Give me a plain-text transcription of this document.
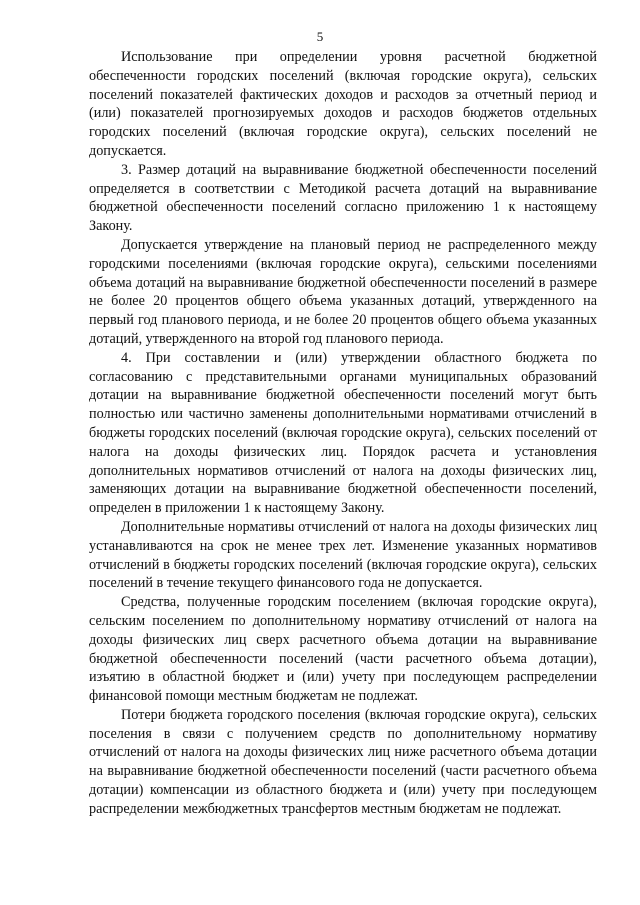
5

Использование при определении уровня расчетной бюджетной обеспеченности городских поселений (включая городские округа), сельских поселений показателей фактических доходов и расходов за отчетный период и (или) показателей прогнозируемых доходов и расходов бюджетов отдельных городских поселений (включая городские округа), сельских поселений не допускается.

3. Размер дотаций на выравнивание бюджетной обеспеченности поселений определяется в соответствии с Методикой расчета дотаций на выравнивание бюджетной обеспеченности поселений согласно приложению 1 к настоящему Закону.

Допускается утверждение на плановый период не распределенного между городскими поселениями (включая городские округа), сельскими поселениями объема дотаций на выравнивание бюджетной обеспеченности поселений в размере не более 20 процентов общего объема указанных дотаций, утвержденного на первый год планового периода, и не более 20 процентов общего объема указанных дотаций, утвержденного на второй год планового периода.

4. При составлении и (или) утверждении областного бюджета по согласованию с представительными органами муниципальных образований дотации на выравнивание бюджетной обеспеченности поселений могут быть полностью или частично заменены дополнительными нормативами отчислений в бюджеты городских поселений (включая городские округа), сельских поселений от налога на доходы физических лиц. Порядок расчета и установления дополнительных нормативов отчислений от налога на доходы физических лиц, заменяющих дотации на выравнивание бюджетной обеспеченности поселений, определен в приложении 1 к настоящему Закону.

Дополнительные нормативы отчислений от налога на доходы физических лиц устанавливаются на срок не менее трех лет. Изменение указанных нормативов отчислений в бюджеты городских поселений (включая городские округа), сельских поселений в течение текущего финансового года не допускается.

Средства, полученные городским поселением (включая городские округа), сельским поселением по дополнительному нормативу отчислений от налога на доходы физических лиц сверх расчетного объема дотации на выравнивание бюджетной обеспеченности поселений (части расчетного объема дотации), изъятию в областной бюджет и (или) учету при последующем распределении финансовой помощи местным бюджетам не подлежат.

Потери бюджета городского поселения (включая городские округа), сельских поселения в связи с получением средств по дополнительному нормативу отчислений от налога на доходы физических лиц ниже расчетного объема дотации на выравнивание бюджетной обеспеченности поселений (части расчетного объема дотации) компенсации из областного бюджета и (или) учету при последующем распределении межбюджетных трансфертов местным бюджетам не подлежат.
